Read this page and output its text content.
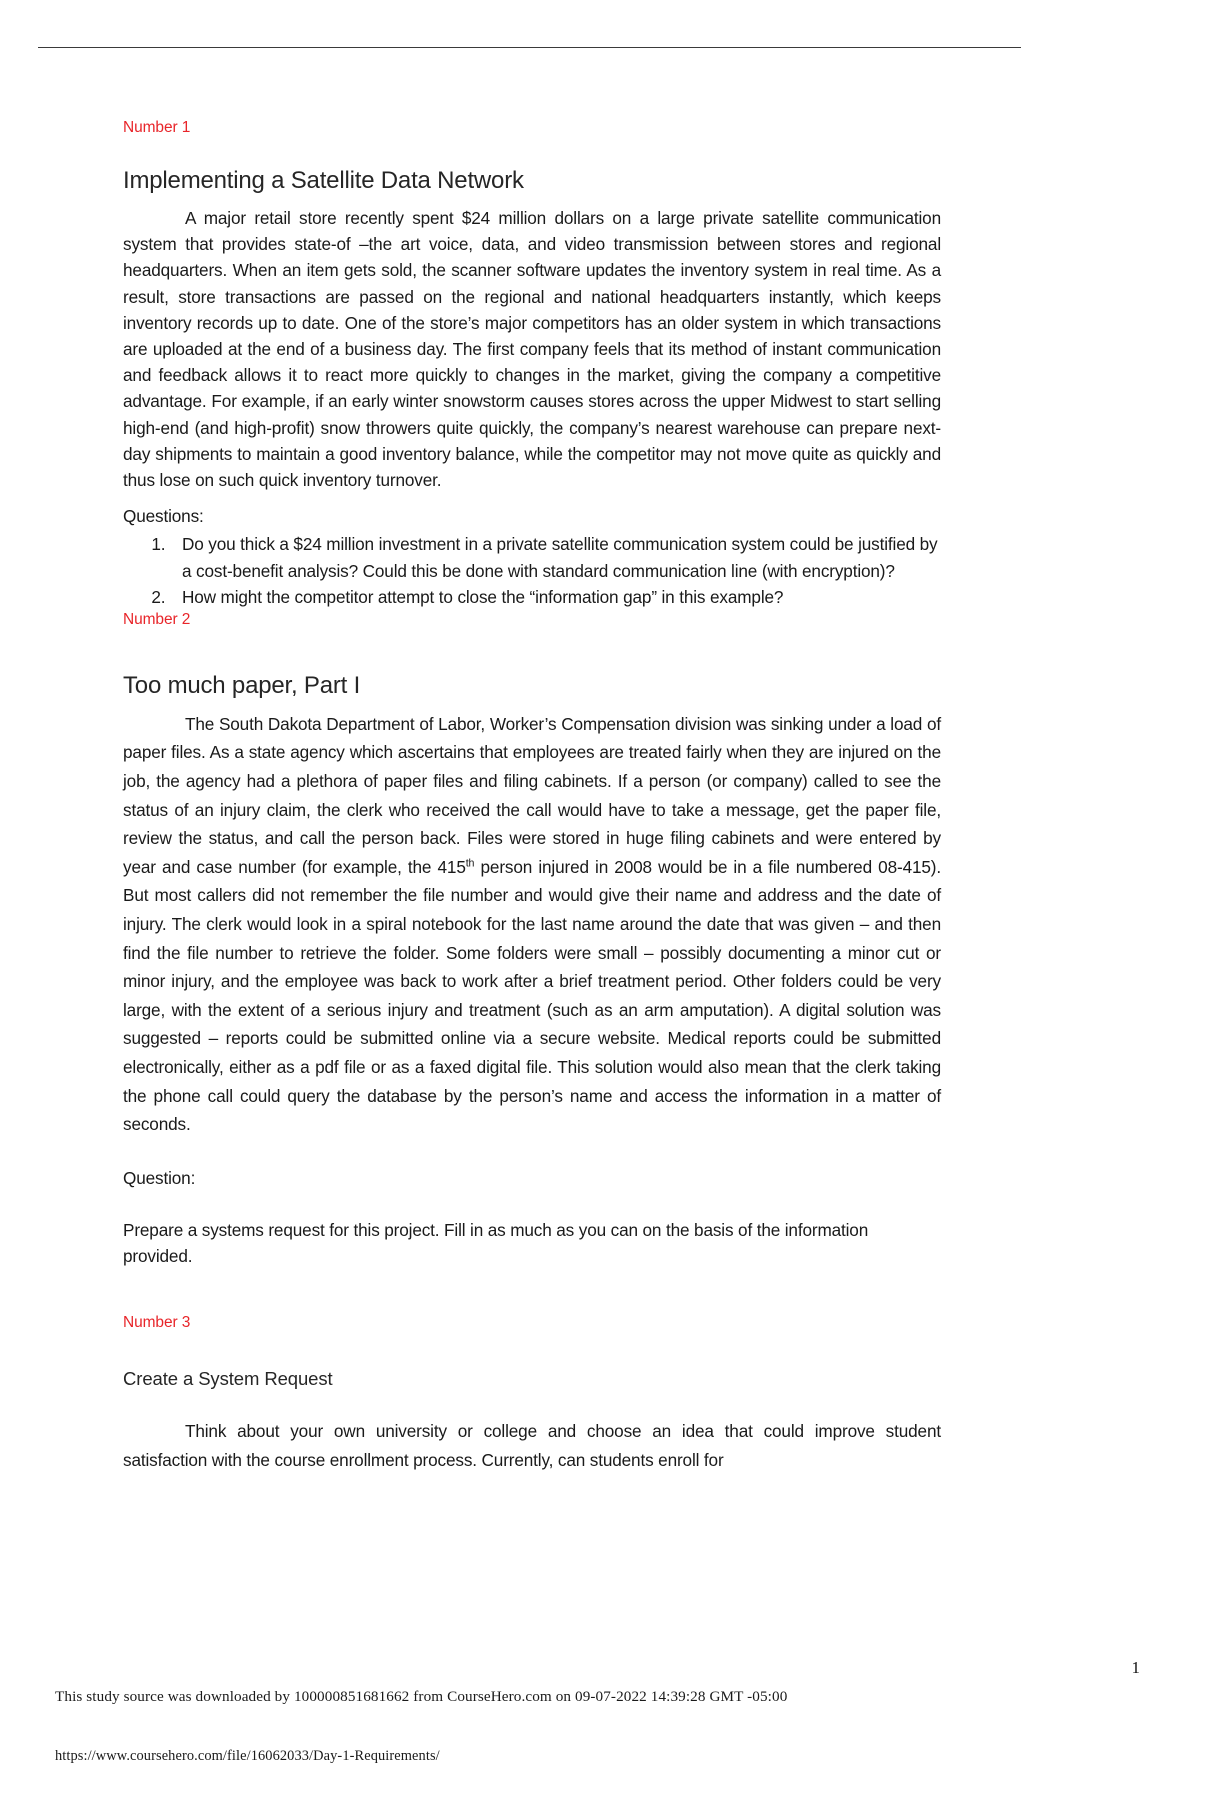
Number 1

Implementing a Satellite Data Network

A major retail store recently spent $24 million dollars on a large private satellite communication system that provides state-of –the art voice, data, and video transmission between stores and regional headquarters. When an item gets sold, the scanner software updates the inventory system in real time. As a result, store transactions are passed on the regional and national headquarters instantly, which keeps inventory records up to date. One of the store’s major competitors has an older system in which transactions are uploaded at the end of a business day. The first company feels that its method of instant communication and feedback allows it to react more quickly to changes in the market, giving the company a competitive advantage. For example, if an early winter snowstorm causes stores across the upper Midwest to start selling high-end (and high-profit) snow throwers quite quickly, the company’s nearest warehouse can prepare next-day shipments to maintain a good inventory balance, while the competitor may not move quite as quickly and thus lose on such quick inventory turnover.

Questions:

1. Do you thick a $24 million investment in a private satellite communication system could be justified by a cost-benefit analysis? Could this be done with standard communication line (with encryption)?
2. How might the competitor attempt to close the “information gap” in this example?

Number 2

Too much paper, Part I

The South Dakota Department of Labor, Worker’s Compensation division was sinking under a load of paper files. As a state agency which ascertains that employees are treated fairly when they are injured on the job, the agency had a plethora of paper files and filing cabinets. If a person (or company) called to see the status of an injury claim, the clerk who received the call would have to take a message, get the paper file, review the status, and call the person back. Files were stored in huge filing cabinets and were entered by year and case number (for example, the 415th person injured in 2008 would be in a file numbered 08-415). But most callers did not remember the file number and would give their name and address and the date of injury. The clerk would look in a spiral notebook for the last name around the date that was given – and then find the file number to retrieve the folder. Some folders were small – possibly documenting a minor cut or minor injury, and the employee was back to work after a brief treatment period. Other folders could be very large, with the extent of a serious injury and treatment (such as an arm amputation). A digital solution was suggested – reports could be submitted online via a secure website. Medical reports could be submitted electronically, either as a pdf file or as a faxed digital file. This solution would also mean that the clerk taking the phone call could query the database by the person’s name and access the information in a matter of seconds.

Question:

Prepare a systems request for this project. Fill in as much as you can on the basis of the information provided.

Number 3

Create a System Request

Think about your own university or college and choose an idea that could improve student satisfaction with the course enrollment process. Currently, can students enroll for

1
This study source was downloaded by 100000851681662 from CourseHero.com on 09-07-2022 14:39:28 GMT -05:00
https://www.coursehero.com/file/16062033/Day-1-Requirements/
